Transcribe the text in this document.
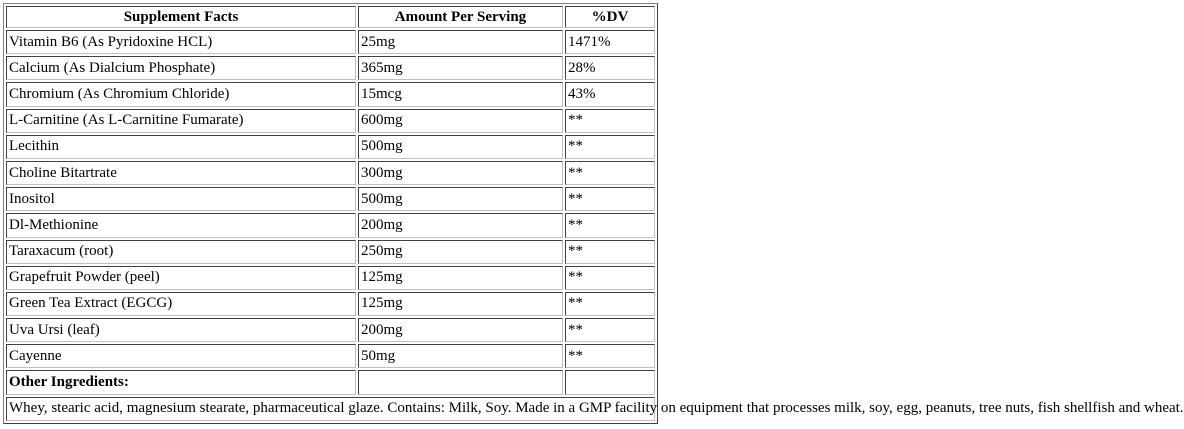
Supplement Facts	Amount Per Serving	%DV
Vitamin B6 (As Pyridoxine HCL)	25mg	1471%
Calcium (As Dialcium Phosphate)	365mg	28%
Chromium (As Chromium Chloride)	15mcg	43%
L-Carnitine (As L-Carnitine Fumarate)	600mg	**
Lecithin	500mg	**
Choline Bitartrate	300mg	**
Inositol	500mg	**
Dl-Methionine	200mg	**
Taraxacum (root)	250mg	**
Grapefruit Powder (peel)	125mg	**
Green Tea Extract (EGCG)	125mg	**
Uva Ursi (leaf)	200mg	**
Cayenne	50mg	**
Other Ingredients:		
Whey, stearic acid, magnesium stearate, pharmaceutical glaze. Contains: Milk, Soy. Made in a GMP facility on equipment that processes milk, soy, egg, peanuts, tree nuts, fish shellfish and wheat.		
